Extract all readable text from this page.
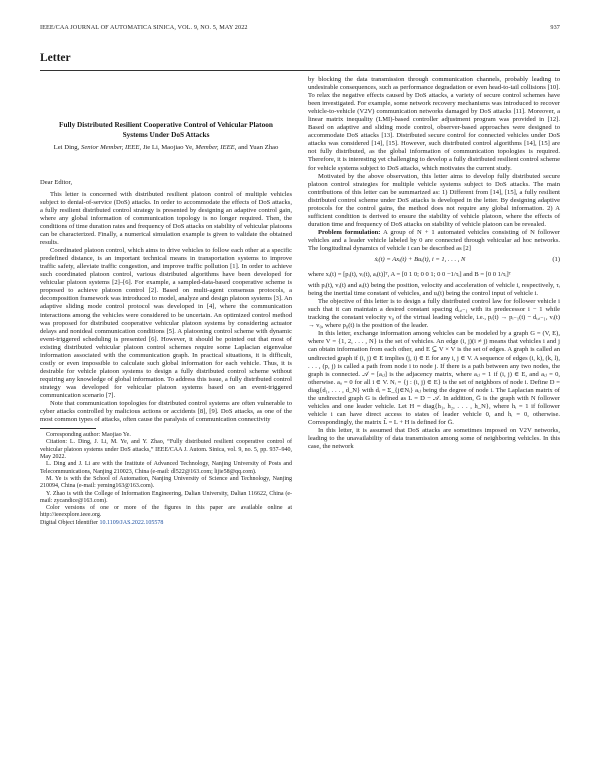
IEEE/CAA JOURNAL OF AUTOMATICA SINICA, VOL. 9, NO. 5, MAY 2022	937
Letter
Fully Distributed Resilient Cooperative Control of Vehicular Platoon Systems Under DoS Attacks
Lei Ding, Senior Member, IEEE, Jie Li, Maojiao Ye, Member, IEEE, and Yuan Zhao
Dear Editor,

This letter is concerned with distributed resilient platoon control of multiple vehicles subject to denial-of-service (DoS) attacks. In order to accommodate the effects of DoS attacks, a fully resilient distributed control strategy is presented by designing an adaptive control gain, where any global information of communication topology is no longer required. Then, the conditions of time duration rates and frequency of DoS attacks on stability of vehicular platoons can be characterized. Finally, a numerical simulation example is given to validate the obtained results.

Coordinated platoon control, which aims to drive vehicles to follow each other at a specific predefined distance, is an important technical means in transportation systems to improve traffic safety, alleviate traffic congestion, and improve traffic pollution [1]. In order to achieve such coordinated platoon control, various distributed algorithms have been developed for vehicular platoon systems [2]–[6]. For example, a sampled-data-based cooperative scheme is proposed to achieve platoon control [2]. Based on multi-agent consensus protocols, a decomposition framework was introduced to model, analyze and design platoon systems [3]. An adaptive sliding mode control protocol was developed in [4], where the communication interactions among the vehicles were considered to be uncertain. An optimized control method was proposed for distributed cooperative vehicular platoon systems by considering actuator delays and nonideal communication conditions [5]. A platooning control scheme with dynamic event-triggered scheduling is presented [6]. However, it should be pointed out that most of existing distributed vehicular platoon control schemes require some Laplacian eigenvalue information associated with the communication graph. In practical situations, it is difficult, costly or even impossible to calculate such global information for each vehicle. Thus, it is desirable for vehicle platoon systems to design a fully distributed control scheme without requiring any knowledge of global information. To address this issue, a fully distributed control strategy was developed for vehicular platoon systems based on an event-triggered communication scenario [7].

Note that communication topologies for distributed control systems are often vulnerable to cyber attacks controlled by malicious actions or accidents [8], [9]. DoS attacks, as one of the most common types of attacks, often cause the paralysis of communication connectivity

Corresponding author: Maojiao Ye.
Citation: L. Ding, J. Li, M. Ye, and Y. Zhao, “Fully distributed resilient cooperative control of vehicular platoon systems under DoS attacks,” IEEE/CAA J. Autom. Sinica, vol. 9, no. 5, pp. 937–940, May 2022.
L. Ding and J. Li are with the Institute of Advanced Technology, Nanjing University of Posts and Telecommunications, Nanjing 210023, China (e-mail: dl522@163.com; lijie58@qq.com).
M. Ye is with the School of Automation, Nanjing University of Science and Technology, Nanjing 210094, China (e-mail: yeming163@163.com).
Y. Zhao is with the College of Information Engineering, Dalian University, Dalian 116622, China (e-mail: zycandice@163.com).
Color versions of one or more of the figures in this paper are available online at http://ieeexplore.ieee.org.
Digital Object Identifier 10.1109/JAS.2022.105578

by blocking the data transmission through communication channels, probably leading to undesirable consequences, such as performance degradation or even head-to-tail collisions [10]. To relax the negative effects caused by DoS attacks, a variety of secure control schemes have been investigated. For example, some network recovery mechanisms was introduced to recover vehicle-to-vehicle (V2V) communication networks damaged by DoS attacks [11]. Moreover, a linear matrix inequality (LMI)-based controller adjustment program was provided in [12]. Based on adaptive and sliding mode control, observer-based approaches were designed to accommodate DoS attacks [13]. Distributed secure control for connected vehicles under DoS attacks was considered [14], [15]. However, such distributed control algorithms [14], [15] are not fully distributed, as the global information of communication topologies is required. Therefore, it is interesting yet challenging to develop a fully distributed resilient control scheme for vehicle systems subject to DoS attacks, which motivates the current study.

Motivated by the above observation, this letter aims to develop fully distributed secure platoon control strategies for multiple vehicle systems subject to DoS attacks. The main contributions of this letter can be summarized as: 1) Different from [14], [15], a fully resilient distributed control scheme under DoS attacks is developed in the letter. By designing adaptive protocols for the control gains, the method does not require any global information. 2) A sufficient condition is derived to ensure the stability of vehicle platoon, where the effects of duration time and frequency of DoS attacks on stability of vehicle platoon can be revealed.

Problem formulation: A group of N + 1 automated vehicles consisting of N follower vehicles and a leader vehicle labeled by 0 are connected through vehicular ad hoc networks. The longitudinal dynamics of vehicle i can be described as [2]

ẋᵢ(t) = Axᵢ(t) + Buᵢ(t), i = 1, . . . , N	(1)
where xᵢ(t) = [pᵢ(t), vᵢ(t), aᵢ(t)]ᵀ, A = [0 1 0; 0 0 1; 0 0 −1/τᵢ] and B = [0 0 1/τᵢ]ᵀ

with pᵢ(t), vᵢ(t) and aᵢ(t) being the position, velocity and acceleration of vehicle i, respectively, τᵢ being the inertial time constant of vehicles, and uᵢ(t) being the control input of vehicle i.

The objective of this letter is to design a fully distributed control law for follower vehicle i such that it can maintain a desired constant spacing dᵢ,ᵢ₋₁ with its predecessor i − 1 while tracking the constant velocity v₀ of the virtual leading vehicle, i.e., pᵢ(t) → pᵢ₋₁(t) − dᵢ,ᵢ₋₁, vᵢ(t) → v₀, where p₀(t) is the position of the leader.

In this letter, exchange information among vehicles can be modeled by a graph G = (V, E), where V = {1, 2, . . . , N} is the set of vehicles. An edge (i, j)(i ≠ j) means that vehicles i and j can obtain information from each other, and E ⊆ V × V is the set of edges. A graph is called an undirected graph if (i, j) ∈ E implies (j, i) ∈ E for any i, j ∈ V. A sequence of edges (i, k), (k, l), . . . , (p, j) is called a path from node i to node j. If there is a path between any two nodes, the graph is connected. 𝒜 = [aᵢⱼ] is the adjacency matrix, where aᵢⱼ = 1 if (i, j) ∈ E, and aᵢⱼ = 0, otherwise. aᵢᵢ = 0 for all i ∈ V. Nᵢ = {j : (i, j) ∈ E} is the set of neighbors of node i. Define D = diag{d₁, . . . , d_N} with dᵢ = Σ_{j∈Nᵢ} aᵢⱼ being the degree of node i. The Laplacian matrix of the undirected graph G is defined as L = D − 𝒜. In addition, Ḡ is the graph with N follower vehicles and one leader vehicle. Let H = diag{h₁, h₂, . . . , h_N}, where hᵢ = 1 if follower vehicle i can have direct access to states of leader vehicle 0, and hᵢ = 0, otherwise. Correspondingly, the matrix L̂ = L + H is defined for Ḡ.

In this letter, it is assumed that DoS attacks are sometimes imposed on V2V networks, leading to the unavailability of data transmission among some of neighboring vehicles. In this case, the network
